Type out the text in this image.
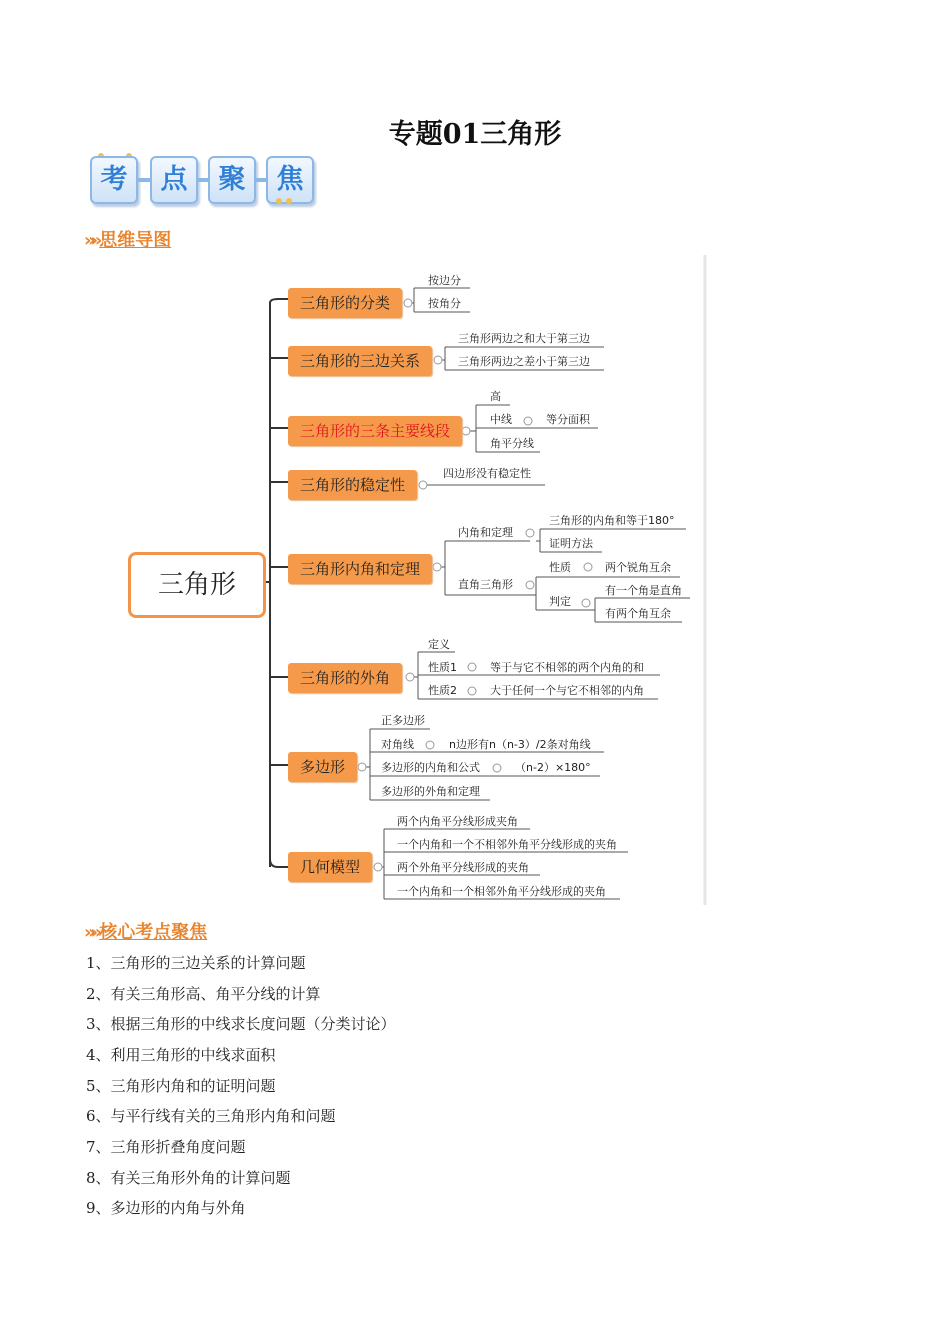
专题01三角形
考	点	聚	焦
»» 思维导图
三角形
三角形的分类
三角形的三边关系
三角形的三条主要线段
三角形的稳定性
三角形内角和定理
三角形的外角
多边形
几何模型
按边分
按角分
三角形两边之和大于第三边
三角形两边之差小于第三边
高
中线	等分面积
角平分线
四边形没有稳定性
内角和定理
三角形的内角和等于180°
证明方法
直角三角形
性质	两个锐角互余
判定
有一个角是直角
有两个角互余
定义
性质1	等于与它不相邻的两个内角的和
性质2	大于任何一个与它不相邻的内角
正多边形
对角线	n边形有n（n-3）/2条对角线
多边形的内角和公式	（n-2）×180°
多边形的外角和定理
两个内角平分线形成夹角
一个内角和一个不相邻外角平分线形成的夹角
两个外角平分线形成的夹角
一个内角和一个相邻外角平分线形成的夹角
»» 核心考点聚焦
1、三角形的三边关系的计算问题
2、有关三角形高、角平分线的计算
3、根据三角形的中线求长度问题（分类讨论）
4、利用三角形的中线求面积
5、三角形内角和的证明问题
6、与平行线有关的三角形内角和问题
7、三角形折叠角度问题
8、有关三角形外角的计算问题
9、多边形的内角与外角
